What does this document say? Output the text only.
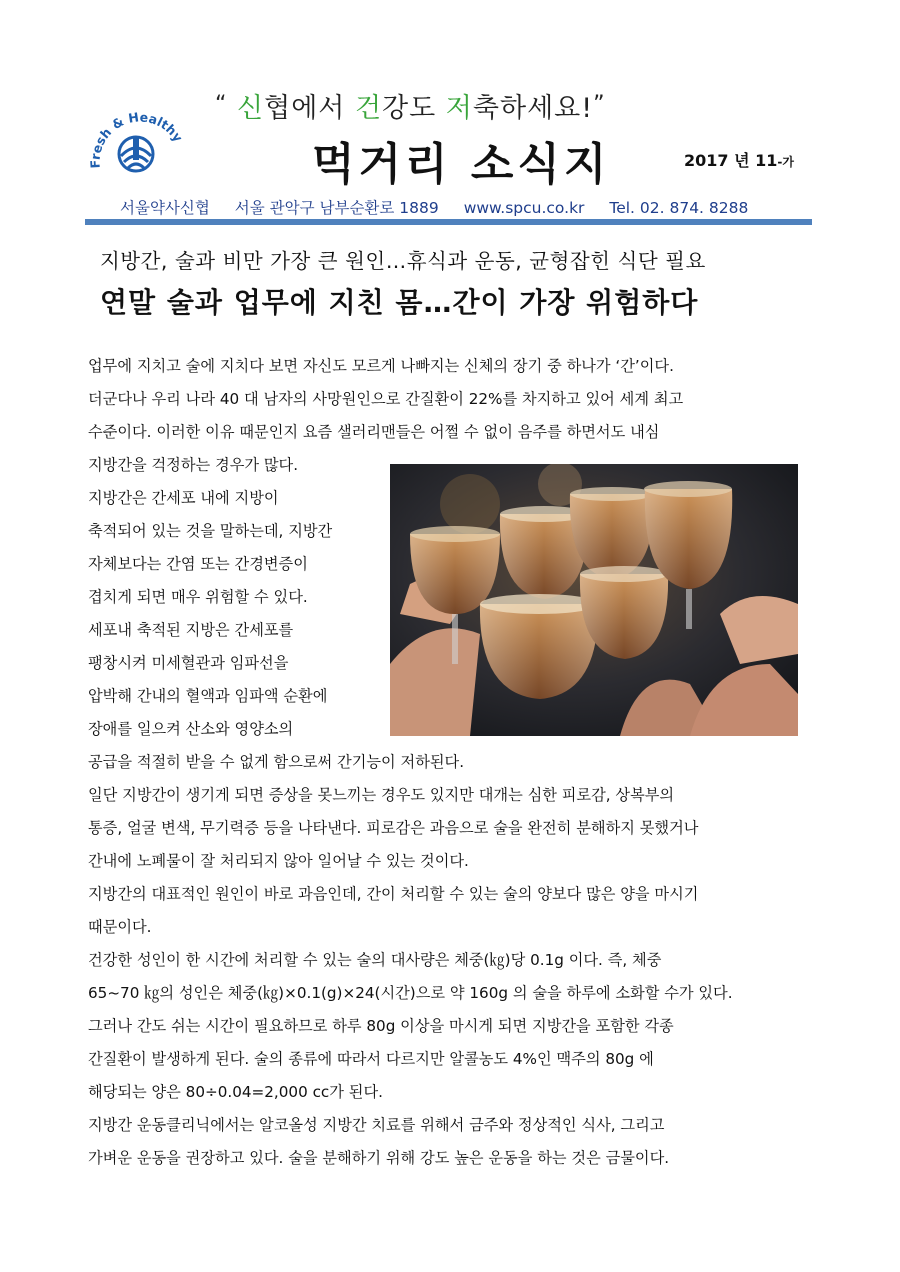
Fresh & Healthy
“ 신협에서 건강도 저축하세요!”
먹거리 소식지	2017 년 11-가
서울약사신협 서울 관악구 남부순환로 1889 www.spcu.co.kr Tel. 02. 874. 8288
지방간, 술과 비만 가장 큰 원인…휴식과 운동, 균형잡힌 식단 필요
연말 술과 업무에 지친 몸…간이 가장 위험하다
업무에 지치고 술에 지치다 보면 자신도 모르게 나빠지는 신체의 장기 중 하나가 ‘간’이다.
더군다나 우리 나라 40 대 남자의 사망원인으로 간질환이 22%를 차지하고 있어 세계 최고
수준이다. 이러한 이유 때문인지 요즘 샐러리맨들은 어쩔 수 없이 음주를 하면서도 내심
지방간을 걱정하는 경우가 많다.
지방간은 간세포 내에 지방이
축적되어 있는 것을 말하는데, 지방간
자체보다는 간염 또는 간경변증이
겹치게 되면 매우 위험할 수 있다.
세포내 축적된 지방은 간세포를
팽창시켜 미세혈관과 임파선을
압박해 간내의 혈액과 임파액 순환에
장애를 일으켜 산소와 영양소의
공급을 적절히 받을 수 없게 함으로써 간기능이 저하된다.
일단 지방간이 생기게 되면 증상을 못느끼는 경우도 있지만 대개는 심한 피로감, 상복부의
통증, 얼굴 변색, 무기력증 등을 나타낸다. 피로감은 과음으로 술을 완전히 분해하지 못했거나
간내에 노폐물이 잘 처리되지 않아 일어날 수 있는 것이다.
지방간의 대표적인 원인이 바로 과음인데, 간이 처리할 수 있는 술의 양보다 많은 양을 마시기
때문이다.
건강한 성인이 한 시간에 처리할 수 있는 술의 대사량은 체중(㎏)당 0.1g 이다. 즉, 체중
65~70 ㎏의 성인은 체중(㎏)×0.1(g)×24(시간)으로 약 160g 의 술을 하루에 소화할 수가 있다.
그러나 간도 쉬는 시간이 필요하므로 하루 80g 이상을 마시게 되면 지방간을 포함한 각종
간질환이 발생하게 된다. 술의 종류에 따라서 다르지만 알콜농도 4%인 맥주의 80g 에
해당되는 양은 80÷0.04=2,000 cc가 된다.
지방간 운동클리닉에서는 알코올성 지방간 치료를 위해서 금주와 정상적인 식사, 그리고
가벼운 운동을 권장하고 있다. 술을 분해하기 위해 강도 높은 운동을 하는 것은 금물이다.
